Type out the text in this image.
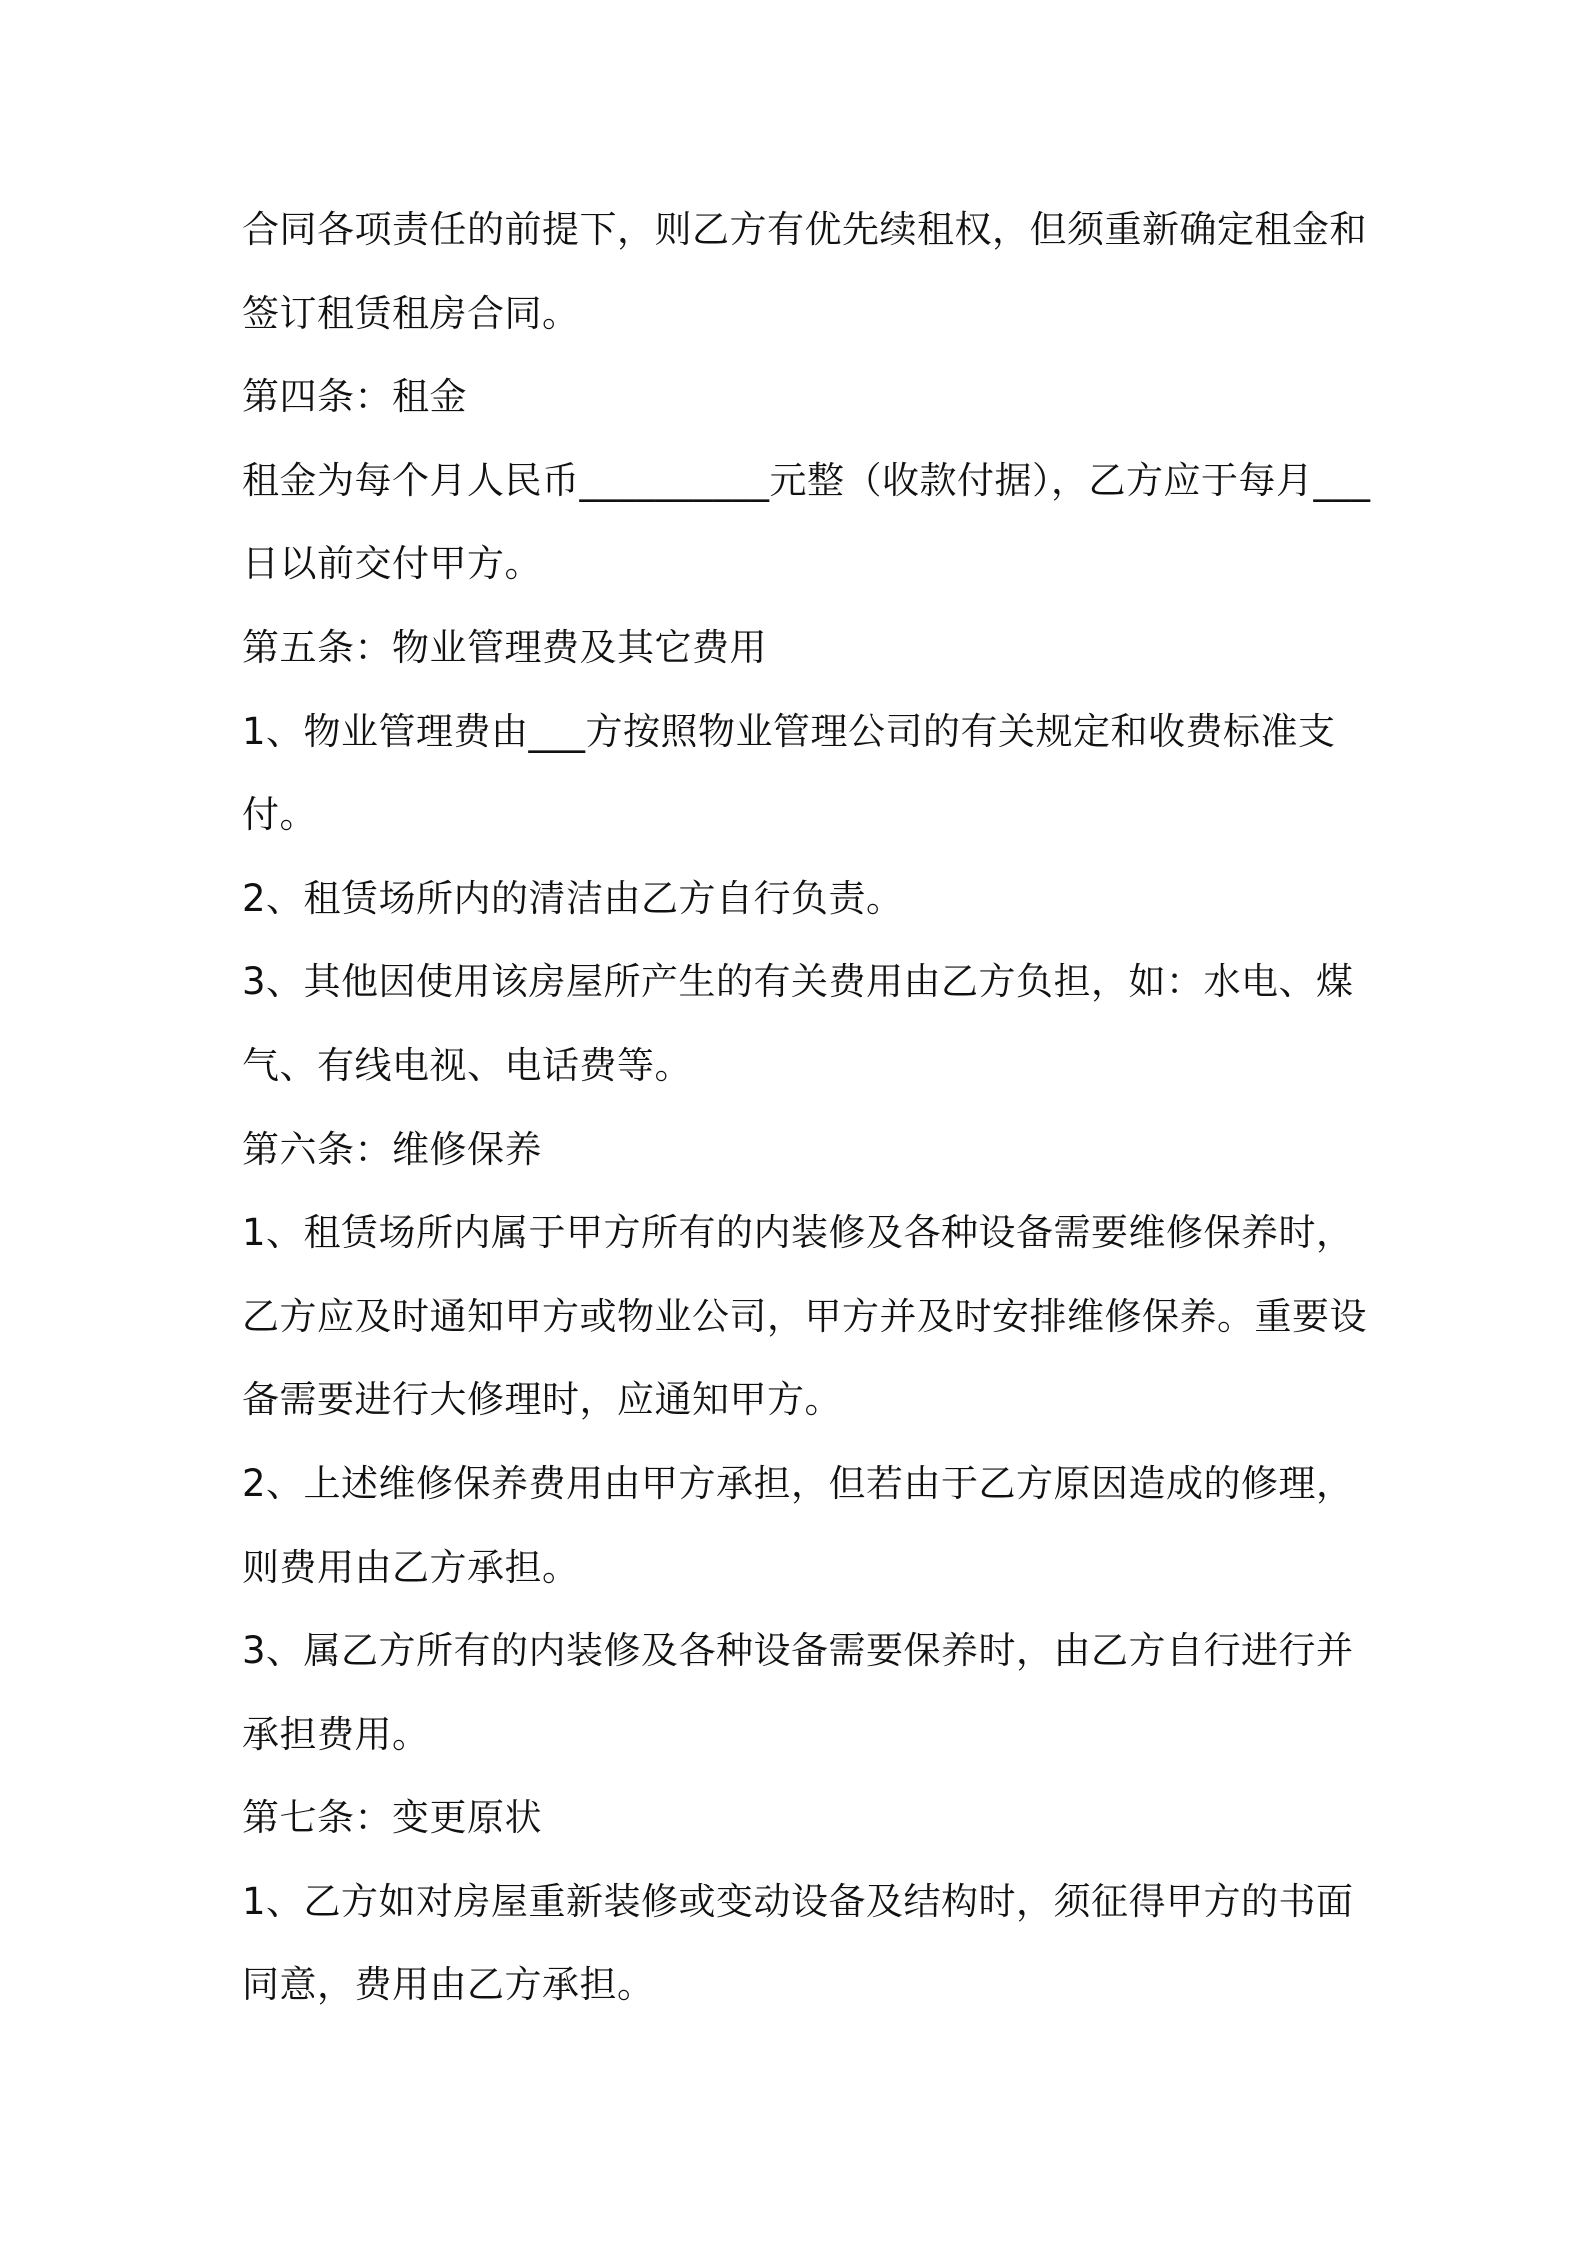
合同各项责任的前提下，则乙方有优先续租权，但须重新确定租金和
签订租赁租房合同。
第四条：租金
租金为每个月人民币__________元整（收款付据），乙方应于每月___
日以前交付甲方。
第五条：物业管理费及其它费用
1、物业管理费由___方按照物业管理公司的有关规定和收费标准支
付。
2、租赁场所内的清洁由乙方自行负责。
3、其他因使用该房屋所产生的有关费用由乙方负担，如：水电、煤
气、有线电视、电话费等。
第六条：维修保养
1、租赁场所内属于甲方所有的内装修及各种设备需要维修保养时，
乙方应及时通知甲方或物业公司，甲方并及时安排维修保养。重要设
备需要进行大修理时，应通知甲方。
2、上述维修保养费用由甲方承担，但若由于乙方原因造成的修理，
则费用由乙方承担。
3、属乙方所有的内装修及各种设备需要保养时，由乙方自行进行并
承担费用。
第七条：变更原状
1、乙方如对房屋重新装修或变动设备及结构时，须征得甲方的书面
同意，费用由乙方承担。
